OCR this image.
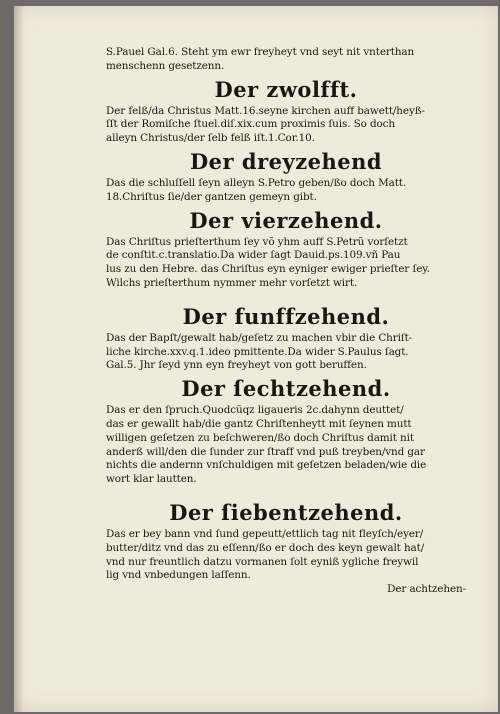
S.Pauel Gal.6. Steht ym ewr freyheyt vnd seyt nit vnterthan
menschenn gesetzenn.
Der zwolfft.
Der felß/da Christus Matt.16.seyne kirchen auff bawett/heyß-
ſſt der Romiſche ſtuel.diſ.xix.cum proximis ſuis. So doch
alleyn Christus/der ſelb felß iſt.1.Cor.10.
Der dreyzehend
Das die schluſſell ſeyn alleyn S.Petro geben/ßo doch Matt.
18.Chriſtus ſie/der gantzen gemeyn gibt.
Der vierzehend.
Das Chriſtus prieſterthum ſey võ yhm auff S.Petrũ vorſetzt
de conſtit.c.translatio.Da wider ſagt Dauid.ps.109.vñ Pau
lus zu den Hebre. das Chriſtus eyn eyniger ewiger prieſter ſey.
Wilchs prieſterthum nymmer mehr vorſetzt wirt.
Der funffzehend.
Das der Bapſt/gewalt hab/geſetz zu machen vbir die Chriſt-
liche kirche.xxv.q.1.ideo pmittente.Da wider S.Paulus ſagt.
Gal.5. Jhr ſeyd ynn eyn freyheyt von gott beruffen.
Der ſechtzehend.
Das er den ſpruch.Quodcũqz ligaueris 2c.dahynn deuttet/
das er gewallt hab/die gantz Chriſtenheytt mit ſeynen mutt
willigen geſetzen zu beſchweren/ßo doch Chriſtus damit nit
anderß will/den die ſunder zur ſtraff vnd puß treyben/vnd gar
nichts die andernn vnſchuldigen mit geſetzen beladen/wie die
wort klar lautten.
Der ſiebentzehend.
Das er bey bann vnd ſund gepeutt/ettlich tag nit fleyſch/eyer/
butter/ditz vnd das zu eſſenn/ßo er doch des keyn gewalt hat/
vnd nur freuntlich datzu vormanen ſolt eyniß ygliche freywil
lig vnd vnbedungen laſſenn.
Der achtzehen-
